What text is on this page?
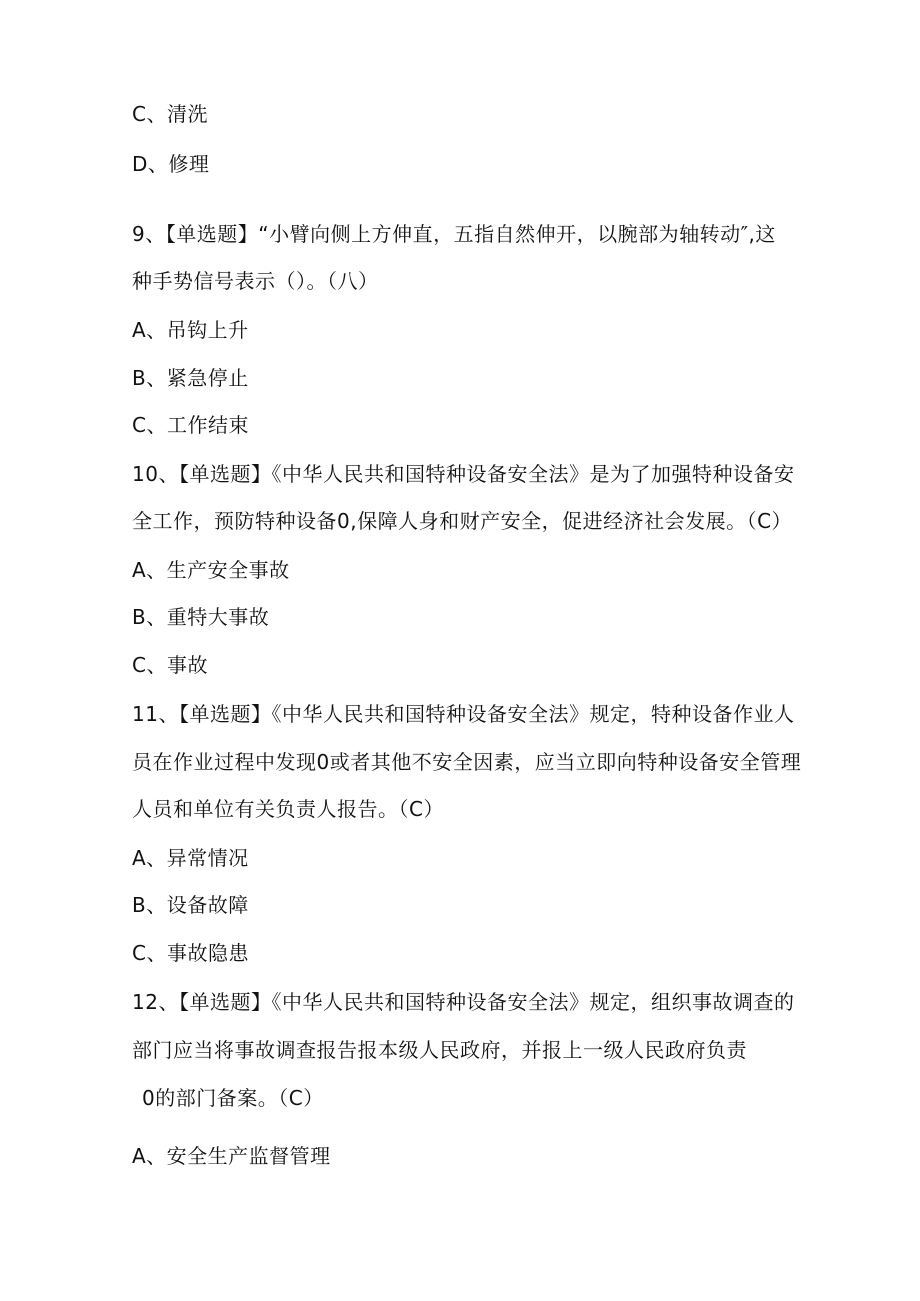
C、清洗
D、修理
9、【单选题】“小臂向侧上方伸直，五指自然伸开，以腕部为轴转动″,这
种手势信号表示（）。（八）
A、吊钩上升
B、紧急停止
C、工作结束
10、【单选题】《中华人民共和国特种设备安全法》是为了加强特种设备安
全工作，预防特种设备0,保障人身和财产安全，促进经济社会发展。（C）
A、生产安全事故
B、重特大事故
C、事故
11、【单选题】《中华人民共和国特种设备安全法》规定，特种设备作业人
员在作业过程中发现0或者其他不安全因素，应当立即向特种设备安全管理
人员和单位有关负责人报告。（C）
A、异常情况
B、设备故障
C、事故隐患
12、【单选题】《中华人民共和国特种设备安全法》规定，组织事故调查的
部门应当将事故调查报告报本级人民政府，并报上一级人民政府负责
0的部门备案。（C）
A、安全生产监督管理
